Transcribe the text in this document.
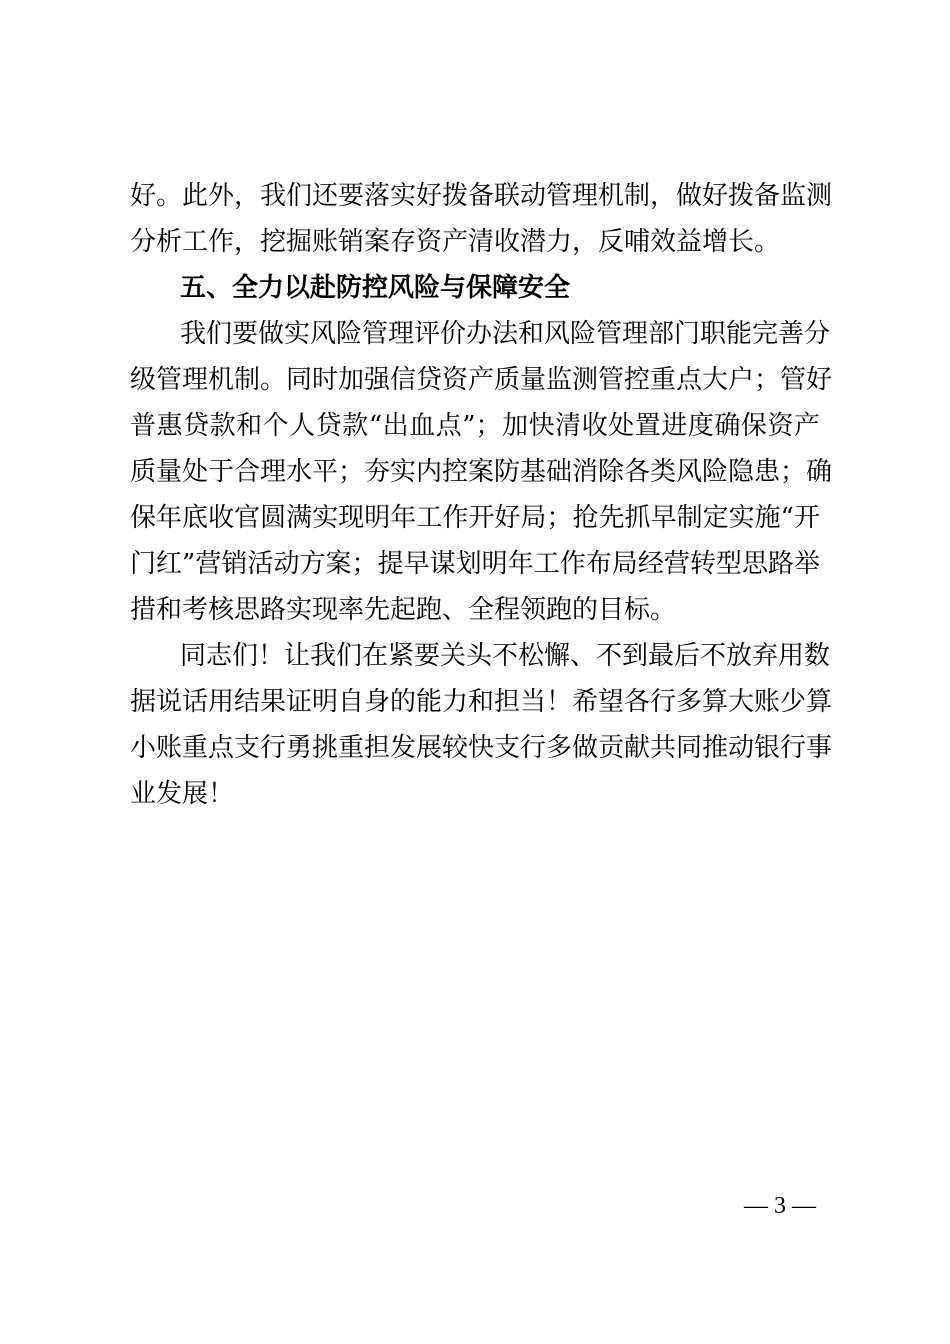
好。此外，我们还要落实好拨备联动管理机制，做好拨备监测
分析工作，挖掘账销案存资产清收潜力，反哺效益增长。
五、全力以赴防控风险与保障安全
我们要做实风险管理评价办法和风险管理部门职能完善分
级管理机制。同时加强信贷资产质量监测管控重点大户；管好
普惠贷款和个人贷款“出血点”；加快清收处置进度确保资产
质量处于合理水平；夯实内控案防基础消除各类风险隐患；确
保年底收官圆满实现明年工作开好局；抢先抓早制定实施“开
门红”营销活动方案；提早谋划明年工作布局经营转型思路举
措和考核思路实现率先起跑、全程领跑的目标。
同志们！让我们在紧要关头不松懈、不到最后不放弃用数
据说话用结果证明自身的能力和担当！希望各行多算大账少算
小账重点支行勇挑重担发展较快支行多做贡献共同推动银行事
业发展！
— 3 —
